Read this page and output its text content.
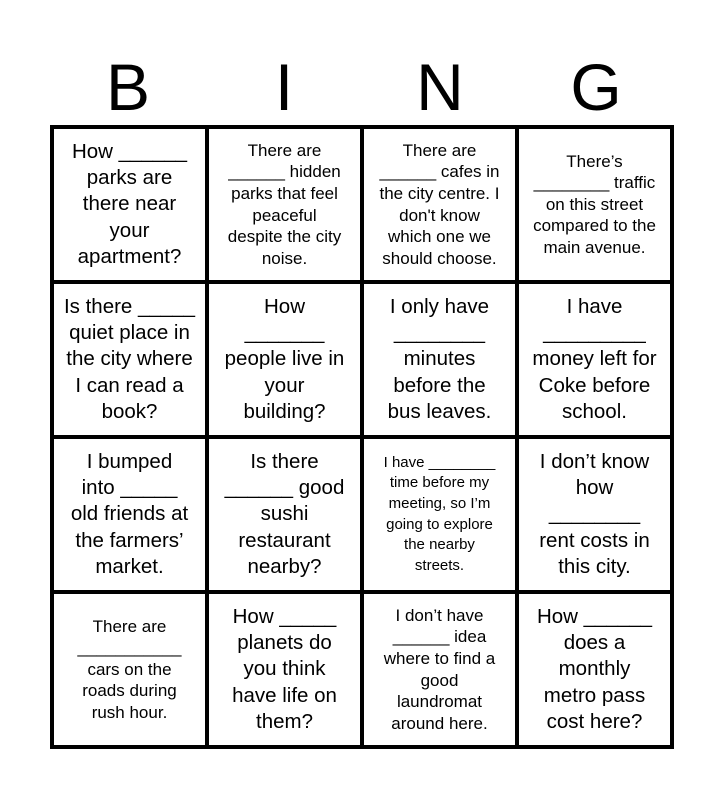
B	I	N	G
How ______
parks are
there near
your
apartment?
There are
______ hidden
parks that feel
peaceful
despite the city
noise.
There are
______ cafes in
the city centre. I
don't know
which one we
should choose.
There’s
________ traffic
on this street
compared to the
main avenue.
Is there _____
quiet place in
the city where
I can read a
book?
How
_______
people live in
your
building?
I only have
________
minutes
before the
bus leaves.
I have
_________
money left for
Coke before
school.
I bumped
into _____
old friends at
the farmers’
market.
Is there
______ good
sushi
restaurant
nearby?
I have ________
time before my
meeting, so I’m
going to explore
the nearby
streets.
I don’t know
how
________
rent costs in
this city.
There are
___________
cars on the
roads during
rush hour.
How _____
planets do
you think
have life on
them?
I don’t have
______ idea
where to find a
good
laundromat
around here.
How ______
does a
monthly
metro pass
cost here?
